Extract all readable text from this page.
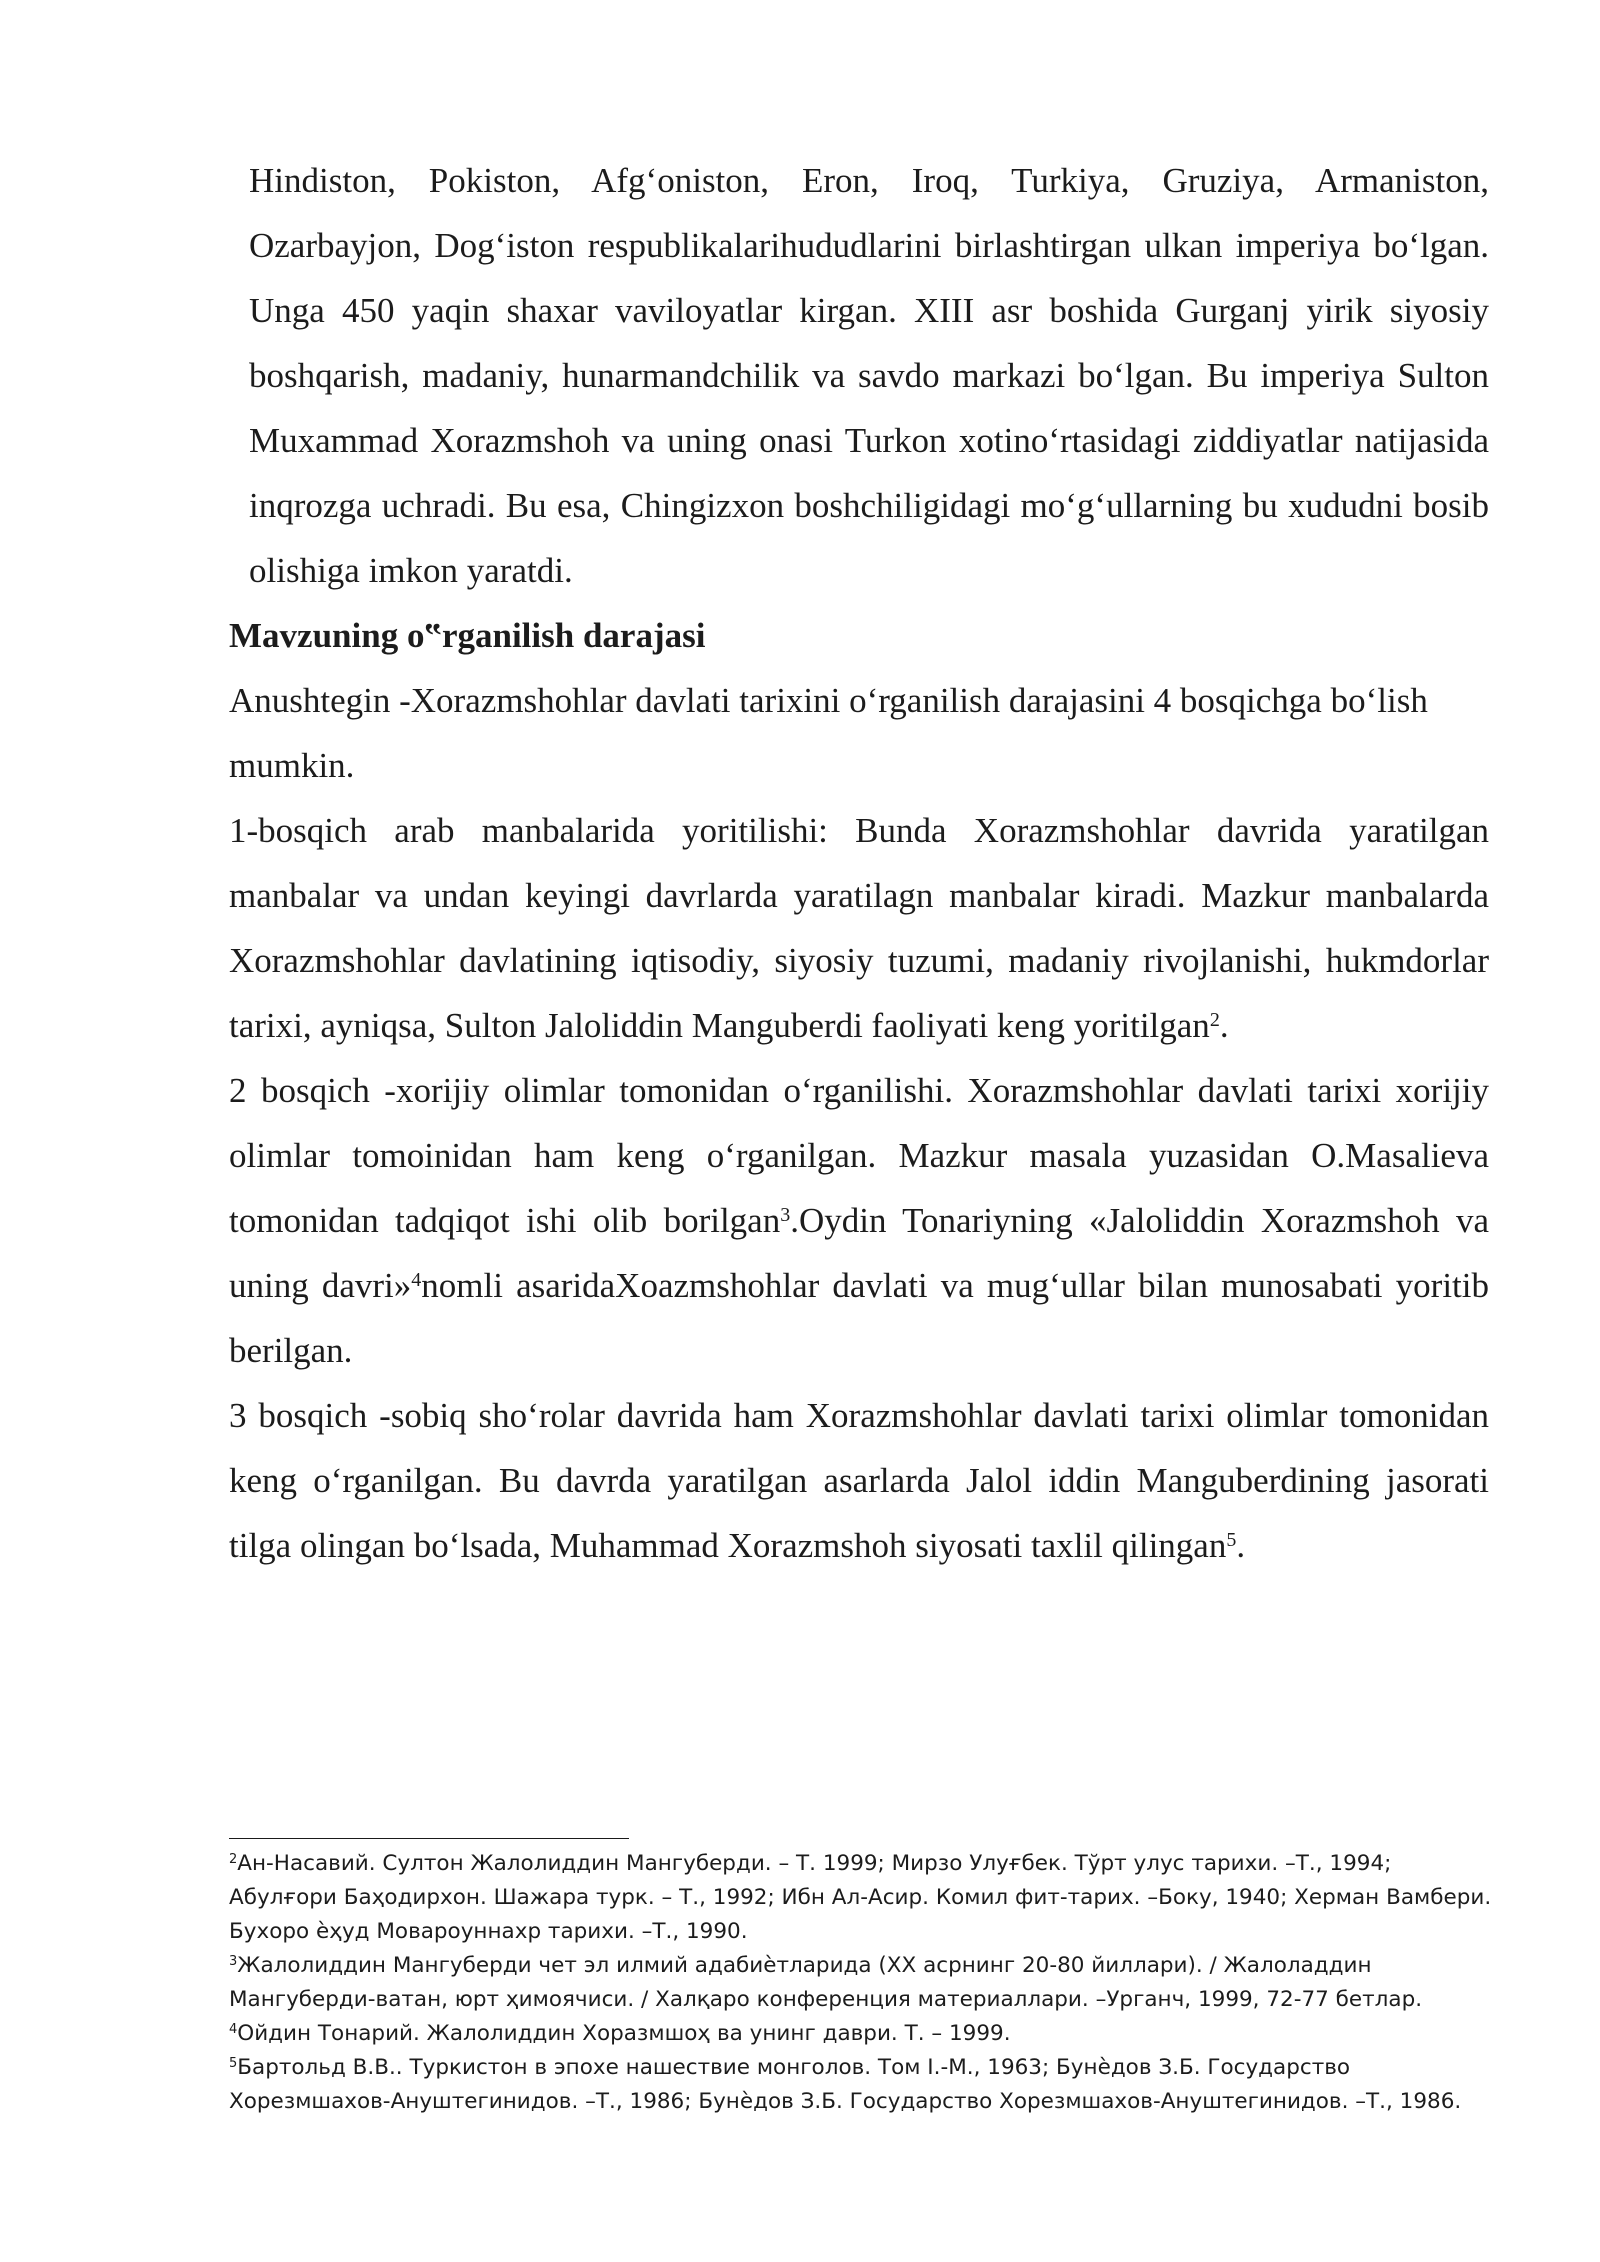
Hindiston, Pokiston, Afg‘oniston, Eron, Iroq, Turkiya, Gruziya, Armaniston, Ozarbayjon, Dog‘iston respublikalarihududlarini birlashtirgan ulkan imperiya bo‘lgan. Unga 450 yaqin shaxar vaviloyatlar kirgan. XIII asr boshida Gurganj yirik siyosiy boshqarish, madaniy, hunarmandchilik va savdo markazi bo‘lgan. Bu imperiya Sulton Muxammad Xorazmshoh va uning onasi Turkon xotino‘rtasidagi ziddiyatlar natijasida inqrozga uchradi. Bu esa, Chingizxon boshchiligidagi mo‘g‘ullarning bu xududni bosib olishiga imkon yaratdi.

Mavzuning o‟rganilish darajasi

Anushtegin -Xorazmshohlar davlati tarixini o‘rganilish darajasini 4 bosqichga bo‘lish mumkin.

1-bosqich arab manbalarida yoritilishi: Bunda Xorazmshohlar davrida yaratilgan manbalar va undan keyingi davrlarda yaratilagn manbalar kiradi. Mazkur manbalarda Xorazmshohlar davlatining iqtisodiy, siyosiy tuzumi, madaniy rivojlanishi, hukmdorlar tarixi, ayniqsa, Sulton Jaloliddin Manguberdi faoliyati keng yoritilgan$^2$.

2 bosqich -xorijiy olimlar tomonidan o‘rganilishi. Xorazmshohlar davlati tarixi xorijiy olimlar tomoinidan ham keng o‘rganilgan. Mazkur masala yuzasidan O.Masalieva tomonidan tadqiqot ishi olib borilgan$^3$.Oydin Tonariyning «Jaloliddin Xorazmshoh va uning davri»$^4$nomli asaridaXoazmshohlar davlati va mug‘ullar bilan munosabati yoritib berilgan.

3 bosqich -sobiq sho‘rolar davrida ham Xorazmshohlar davlati tarixi olimlar tomonidan keng o‘rganilgan. Bu davrda yaratilgan asarlarda Jalol iddin Manguberdining jasorati tilga olingan bo‘lsada, Muhammad Xorazmshoh siyosati taxlil qilingan$^5$.

$^2$Ан-Насавий. Султон Жалолиддин Мангуберди. – Т. 1999; Мирзо Улуғбек. Тўрт улус тарихи. –Т., 1994; Абулғори Баҳодирхон. Шажара турк. – Т., 1992; Ибн Ал-Асир. Комил фит-тарих. –Боку, 1940; Херман Вамбери. Бухоро ѐҳуд Мовароуннахр тарихи. –Т., 1990.

$^3$Жалолиддин Мангуберди чет эл илмий адабиѐтларида (XX асрнинг 20-80 йиллари). / Жалоладдин Мангуберди-ватан, юрт ҳимоячиси. / Халқаро конференция материаллари. –Урганч, 1999, 72-77 бетлар.

$^4$Ойдин Тонарий. Жалолиддин Хоразмшоҳ ва унинг даври. Т. – 1999.

$^5$Бартольд В.В.. Туркистон в эпохе нашествие монголов. Том I.-М., 1963; Бунѐдов З.Б. Государство Хорезмшахов-Ануштегинидов. –Т., 1986; Бунѐдов З.Б. Государство Хорезмшахов-Ануштегинидов. –Т., 1986.
